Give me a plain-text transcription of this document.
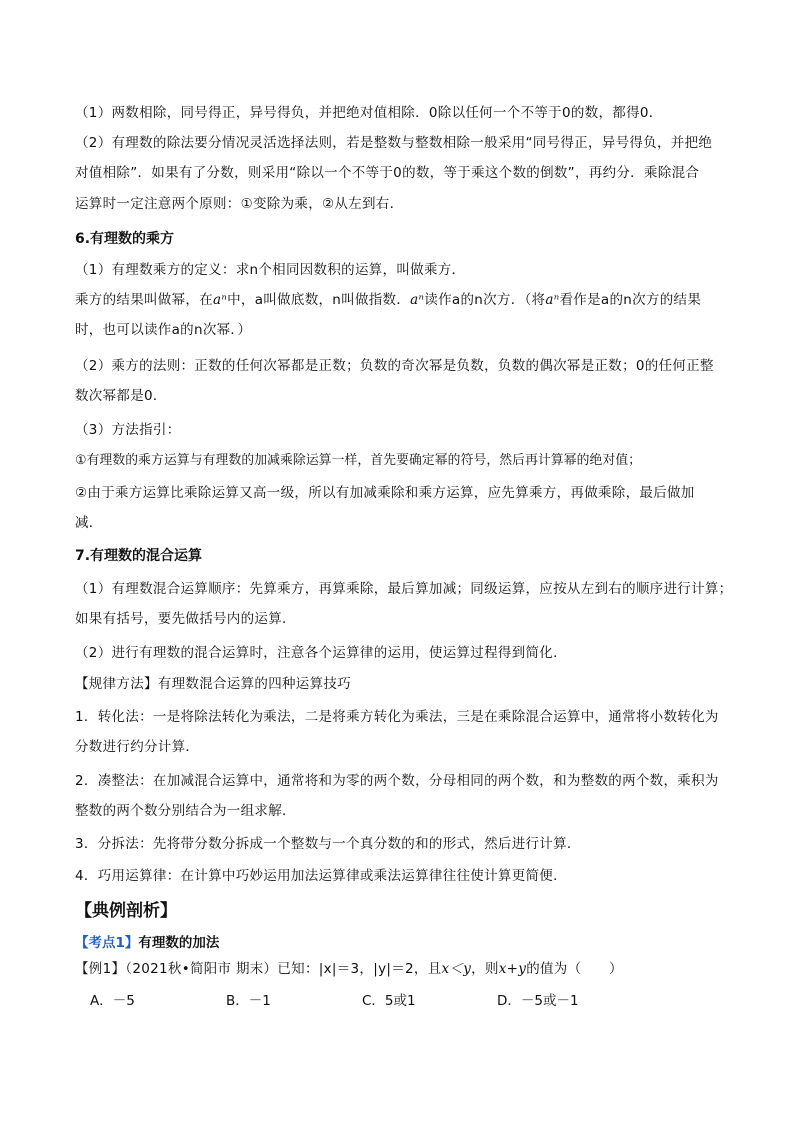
（1）两数相除，同号得正，异号得负，并把绝对值相除．0除以任何一个不等于0的数，都得0．
（2）有理数的除法要分情况灵活选择法则，若是整数与整数相除一般采用“同号得正，异号得负，并把绝
对值相除”．如果有了分数，则采用“除以一个不等于0的数，等于乘这个数的倒数”，再约分．乘除混合
运算时一定注意两个原则：①变除为乘，②从左到右．
6.有理数的乘方
（1）有理数乘方的定义：求n个相同因数积的运算，叫做乘方．
乘方的结果叫做幂，在aⁿ中，a叫做底数，n叫做指数．aⁿ读作a的n次方．（将aⁿ看作是a的n次方的结果
时，也可以读作a的n次幂．）
（2）乘方的法则：正数的任何次幂都是正数；负数的奇次幂是负数，负数的偶次幂是正数；0的任何正整
数次幂都是0．
（3）方法指引：
①有理数的乘方运算与有理数的加减乘除运算一样，首先要确定幂的符号，然后再计算幂的绝对值；
②由于乘方运算比乘除运算又高一级，所以有加减乘除和乘方运算，应先算乘方，再做乘除，最后做加
减．
7.有理数的混合运算
（1）有理数混合运算顺序：先算乘方，再算乘除，最后算加减；同级运算，应按从左到右的顺序进行计算；
如果有括号，要先做括号内的运算．
（2）进行有理数的混合运算时，注意各个运算律的运用，使运算过程得到简化．
【规律方法】有理数混合运算的四种运算技巧
1．转化法：一是将除法转化为乘法，二是将乘方转化为乘法，三是在乘除混合运算中，通常将小数转化为
分数进行约分计算．
2．凑整法：在加减混合运算中，通常将和为零的两个数，分母相同的两个数，和为整数的两个数，乘积为
整数的两个数分别结合为一组求解．
3．分拆法：先将带分数分拆成一个整数与一个真分数的和的形式，然后进行计算．
4．巧用运算律：在计算中巧妙运用加法运算律或乘法运算律往往使计算更简便．
【典例剖析】
【考点1】有理数的加法
【例1】（2021秋•简阳市 期末）已知：|x|＝3，|y|＝2，且x＜y，则x+y的值为（　　）
A．－5	B．－1	C．5或1	D．－5或－1
